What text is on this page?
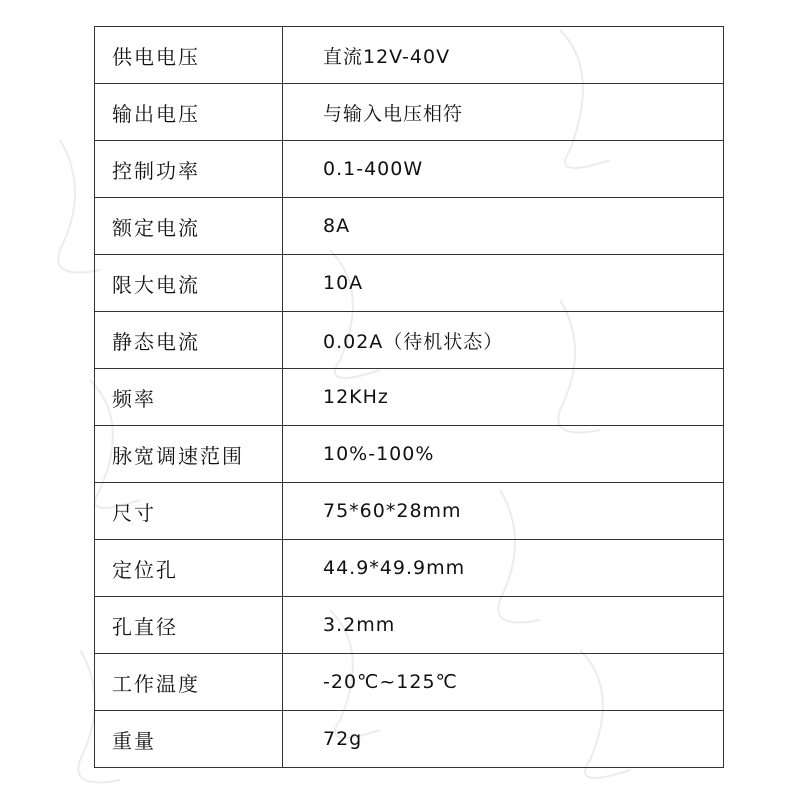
供电电压	直流12V-40V
输出电压	与输入电压相符
控制功率	0.1-400W
额定电流	8A
限大电流	10A
静态电流	0.02A（待机状态）
频率	12KHz
脉宽调速范围	10%-100%
尺寸	75*60*28mm
定位孔	44.9*49.9mm
孔直径	3.2mm
工作温度	-20℃~125℃
重量	72g
